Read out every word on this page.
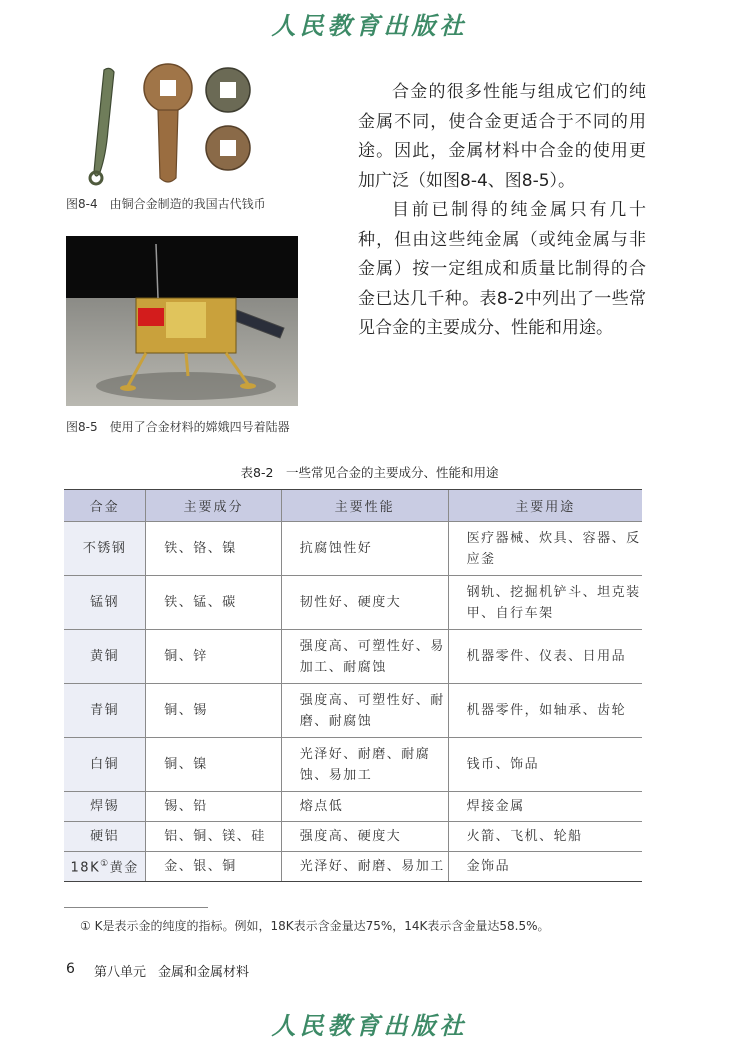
人民教育出版社
图8-4　由铜合金制造的我国古代钱币
图8-5　使用了合金材料的嫦娥四号着陆器

合金的很多性能与组成它们的纯金属不同，使合金更适合于不同的用途。因此，金属材料中合金的使用更加广泛（如图8-4、图8-5）。

目前已制得的纯金属只有几十种，但由这些纯金属（或纯金属与非金属）按一定组成和质量比制得的合金已达几千种。表8-2中列出了一些常见合金的主要成分、性能和用途。

表8-2　一些常见合金的主要成分、性能和用途
合金	主要成分	主要性能	主要用途
不锈钢	铁、铬、镍	抗腐蚀性好	医疗器械、炊具、容器、反应釜
锰钢	铁、锰、碳	韧性好、硬度大	钢轨、挖掘机铲斗、坦克装甲、自行车架
黄铜	铜、锌	强度高、可塑性好、易加工、耐腐蚀	机器零件、仪表、日用品
青铜	铜、锡	强度高、可塑性好、耐磨、耐腐蚀	机器零件，如轴承、齿轮
白铜	铜、镍	光泽好、耐磨、耐腐蚀、易加工	钱币、饰品
焊锡	锡、铅	熔点低	焊接金属
硬铝	铝、铜、镁、硅	强度高、硬度大	火箭、飞机、轮船
18K①黄金	金、银、铜	光泽好、耐磨、易加工	金饰品
① K是表示金的纯度的指标。例如，18K表示含金量达75%，14K表示含金量达58.5%。
6 第八单元 金属和金属材料
人民教育出版社
